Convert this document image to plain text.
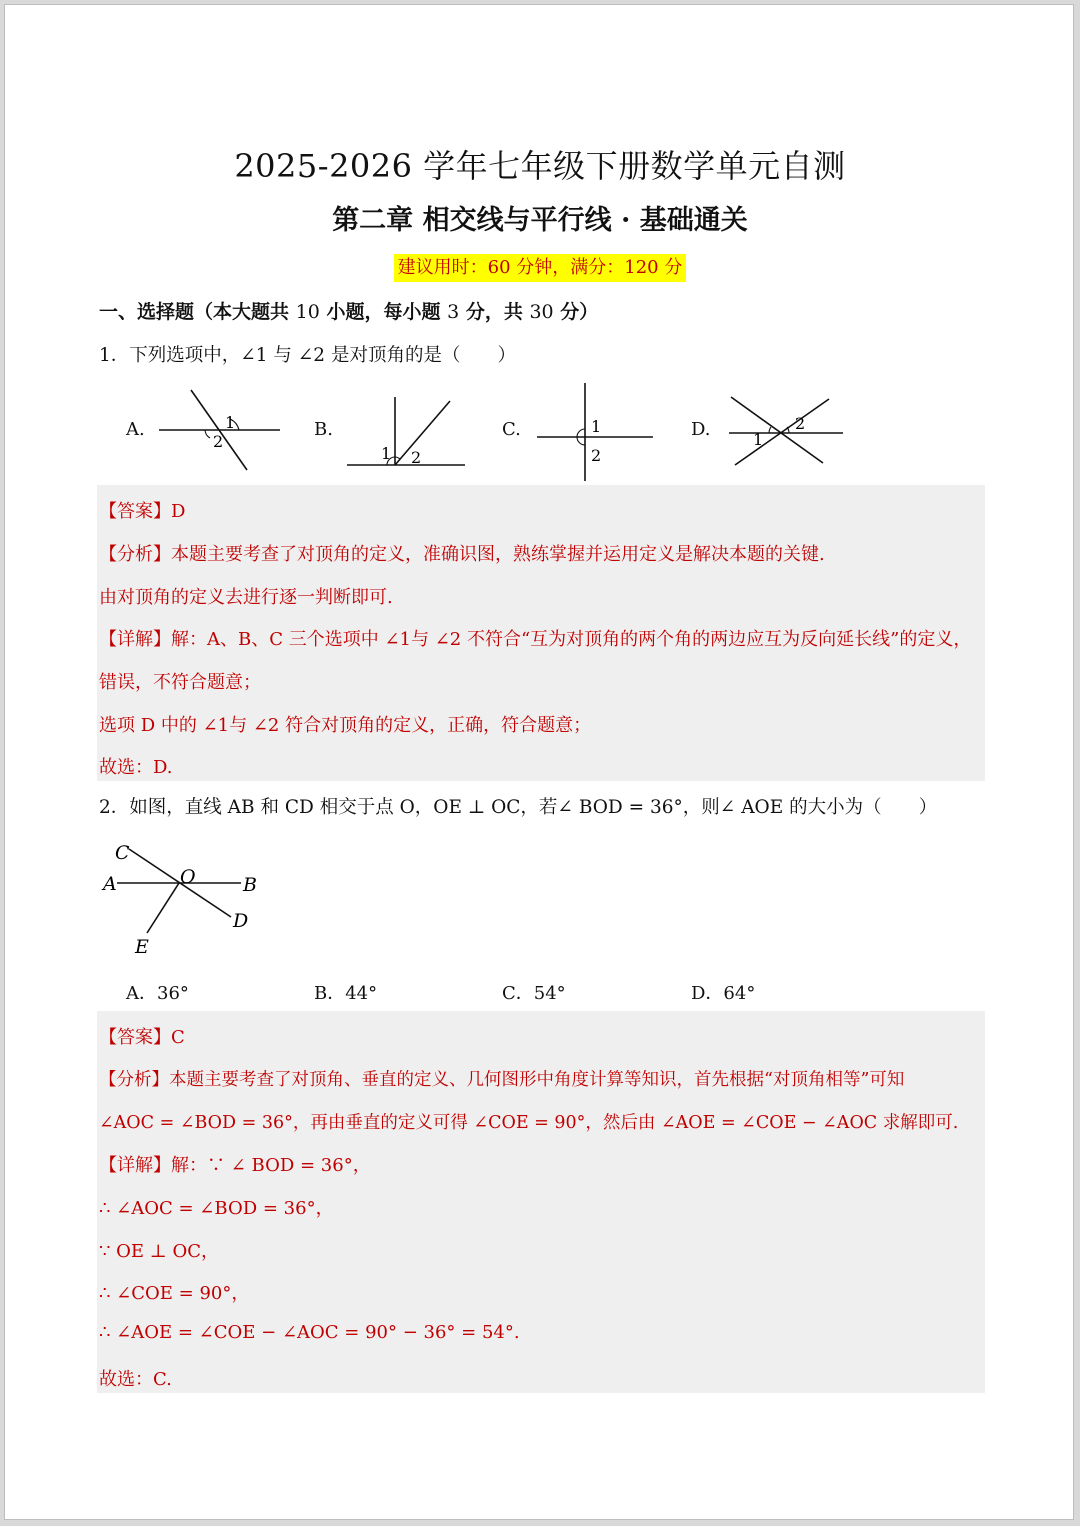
2025-2026 学年七年级下册数学单元自测
第二章 相交线与平行线 · 基础通关
建议用时：60 分钟，满分：120 分
一、选择题（本大题共 10 小题，每小题 3 分，共 30 分）
1．下列选项中，∠1 与 ∠2 是对顶角的是（　　）
A.	B.	C.	D.
1
2
1 2
1
2
1
2
【答案】D
【分析】本题主要考查了对顶角的定义，准确识图，熟练掌握并运用定义是解决本题的关键.
由对顶角的定义去进行逐一判断即可.
【详解】解：A、B、C 三个选项中 ∠1与 ∠2 不符合“互为对顶角的两个角的两边应互为反向延长线”的定义，
错误，不符合题意；
选项 D 中的 ∠1与 ∠2 符合对顶角的定义，正确，符合题意；
故选：D.
2．如图，直线 AB 和 CD 相交于点 O，OE ⊥ OC，若∠ BOD = 36°，则∠ AOE 的大小为（　　）
C
A	O B
D
E
A．36°	B．44°	C．54°	D．64°
【答案】C
【分析】本题主要考查了对顶角、垂直的定义、几何图形中角度计算等知识，首先根据“对顶角相等”可知
∠AOC = ∠BOD = 36°，再由垂直的定义可得 ∠COE = 90°，然后由 ∠AOE = ∠COE − ∠AOC 求解即可.
【详解】解：∵ ∠ BOD = 36°，
∴ ∠AOC = ∠BOD = 36°，
∵ OE ⊥ OC，
∴ ∠COE = 90°，
∴ ∠AOE = ∠COE − ∠AOC = 90° − 36° = 54°.
故选：C.
